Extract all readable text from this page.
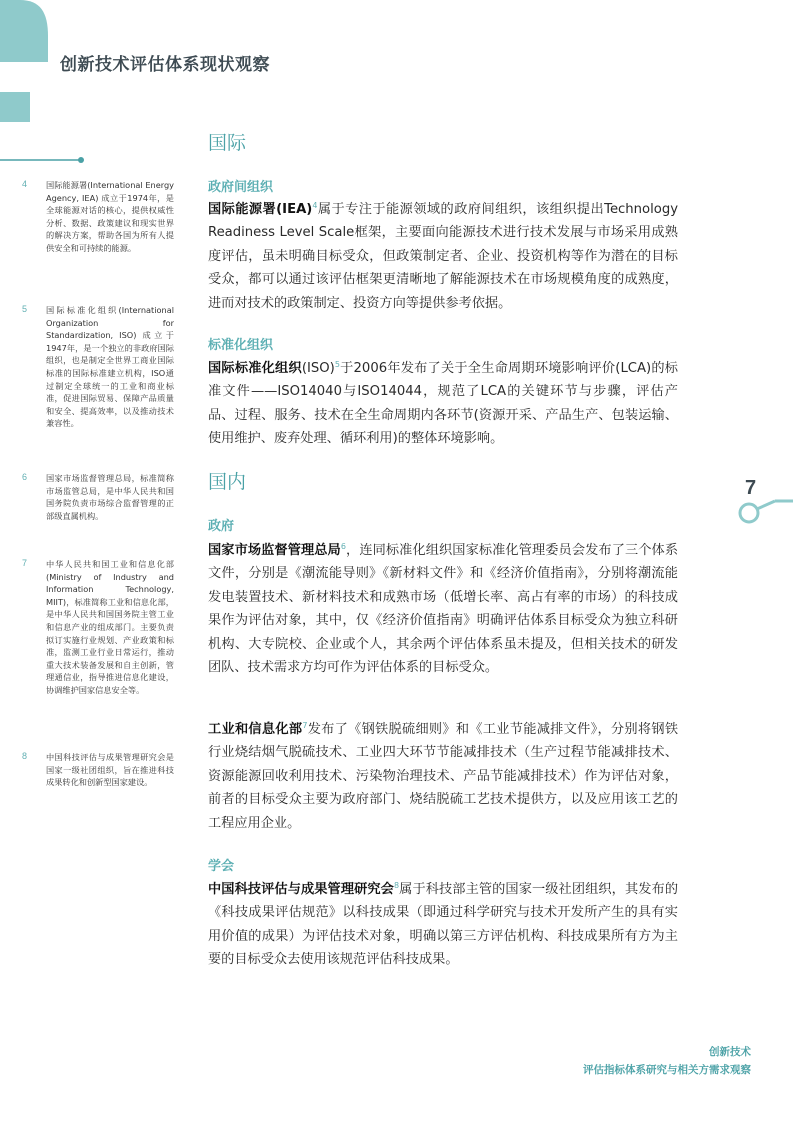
创新技术评估体系现状观察
4 国际能源署(International Energy Agency, IEA) 成立于1974年，是全球能源对话的核心，提供权威性分析、数据、政策建议和现实世界的解决方案，帮助各国为所有人提供安全和可持续的能源。
5 国际标准化组织(International Organization for Standardization, ISO) 成立于1947年，是一个独立的非政府国际组织，也是制定全世界工商业国际标准的国际标准建立机构，ISO通过制定全球统一的工业和商业标准，促进国际贸易、保障产品质量和安全、提高效率，以及推动技术兼容性。
6 国家市场监督管理总局，标准简称市场监管总局，是中华人民共和国国务院负责市场综合监督管理的正部级直属机构。
7 中华人民共和国工业和信息化部(Ministry of Industry and Information Technology, MIIT)，标准简称工业和信息化部，是中华人民共和国国务院主管工业和信息产业的组成部门。主要负责拟订实施行业规划、产业政策和标准，监测工业行业日常运行，推动重大技术装备发展和自主创新，管理通信业，指导推进信息化建设，协调维护国家信息安全等。
8 中国科技评估与成果管理研究会是国家一级社团组织，旨在推进科技成果转化和创新型国家建设。
国际
政府间组织

国际能源署(IEA)$^4$属于专注于能源领域的政府间组织，该组织提出Technology Readiness Level Scale框架，主要面向能源技术进行技术发展与市场采用成熟度评估，虽未明确目标受众，但政策制定者、企业、投资机构等作为潜在的目标受众，都可以通过该评估框架更清晰地了解能源技术在市场规模角度的成熟度，进而对技术的政策制定、投资方向等提供参考依据。

标准化组织

国际标准化组织(ISO)$^5$于2006年发布了关于全生命周期环境影响评价(LCA)的标准文件——ISO14040与ISO14044，规范了LCA的关键环节与步骤，评估产品、过程、服务、技术在全生命周期内各环节(资源开采、产品生产、包装运输、使用维护、废弃处理、循环利用)的整体环境影响。

国内
政府

国家市场监督管理总局$^6$，连同标准化组织国家标准化管理委员会发布了三个体系文件，分别是《潮流能导则》《新材料文件》和《经济价值指南》，分别将潮流能发电装置技术、新材料技术和成熟市场（低增长率、高占有率的市场）的科技成果作为评估对象，其中，仅《经济价值指南》明确评估体系目标受众为独立科研机构、大专院校、企业或个人，其余两个评估体系虽未提及，但相关技术的研发团队、技术需求方均可作为评估体系的目标受众。

工业和信息化部$^7$发布了《钢铁脱硫细则》和《工业节能减排文件》，分别将钢铁行业烧结烟气脱硫技术、工业四大环节节能减排技术（生产过程节能减排技术、资源能源回收利用技术、污染物治理技术、产品节能减排技术）作为评估对象，前者的目标受众主要为政府部门、烧结脱硫工艺技术提供方，以及应用该工艺的工程应用企业。

学会

中国科技评估与成果管理研究会$^8$属于科技部主管的国家一级社团组织，其发布的《科技成果评估规范》以科技成果（即通过科学研究与技术开发所产生的具有实用价值的成果）为评估技术对象，明确以第三方评估机构、科技成果所有方为主要的目标受众去使用该规范评估科技成果。

7
创新技术
评估指标体系研究与相关方需求观察
